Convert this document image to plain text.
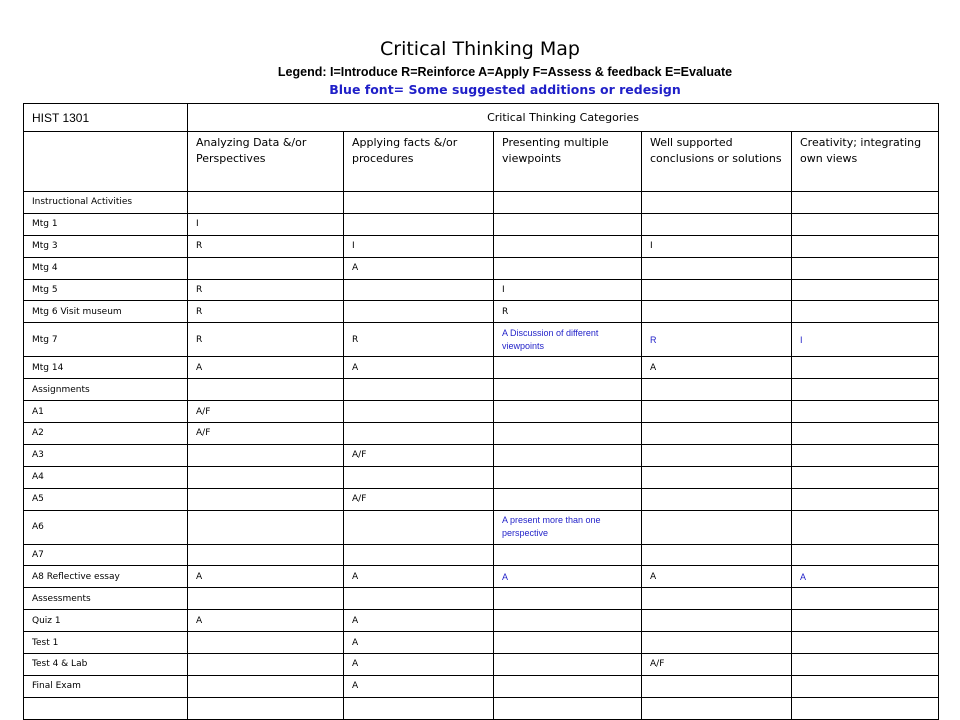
Critical Thinking Map
Legend: I=Introduce R=Reinforce A=Apply F=Assess & feedback E=Evaluate
Blue font= Some suggested additions or redesign
HIST 1301	Critical Thinking Categories				
	Analyzing Data &/or Perspectives	Applying facts &/or procedures	Presenting multiple viewpoints	Well supported conclusions or solutions	Creativity; integrating own views
Instructional Activities					
Mtg 1	I				
Mtg 3	R	I		I	
Mtg 4		A			
Mtg 5	R		I		
Mtg 6 Visit museum	R		R		
Mtg 7	R	R	A Discussion of different viewpoints	R	I
Mtg 14	A	A		A	
Assignments					
A1	A/F				
A2	A/F				
A3		A/F			
A4					
A5		A/F			
A6			A present more than one perspective		
A7					
A8 Reflective essay	A	A	A	A	A
Assessments					
Quiz 1	A	A			
Test 1		A			
Test 4 & Lab		A		A/F	
Final Exam		A			
